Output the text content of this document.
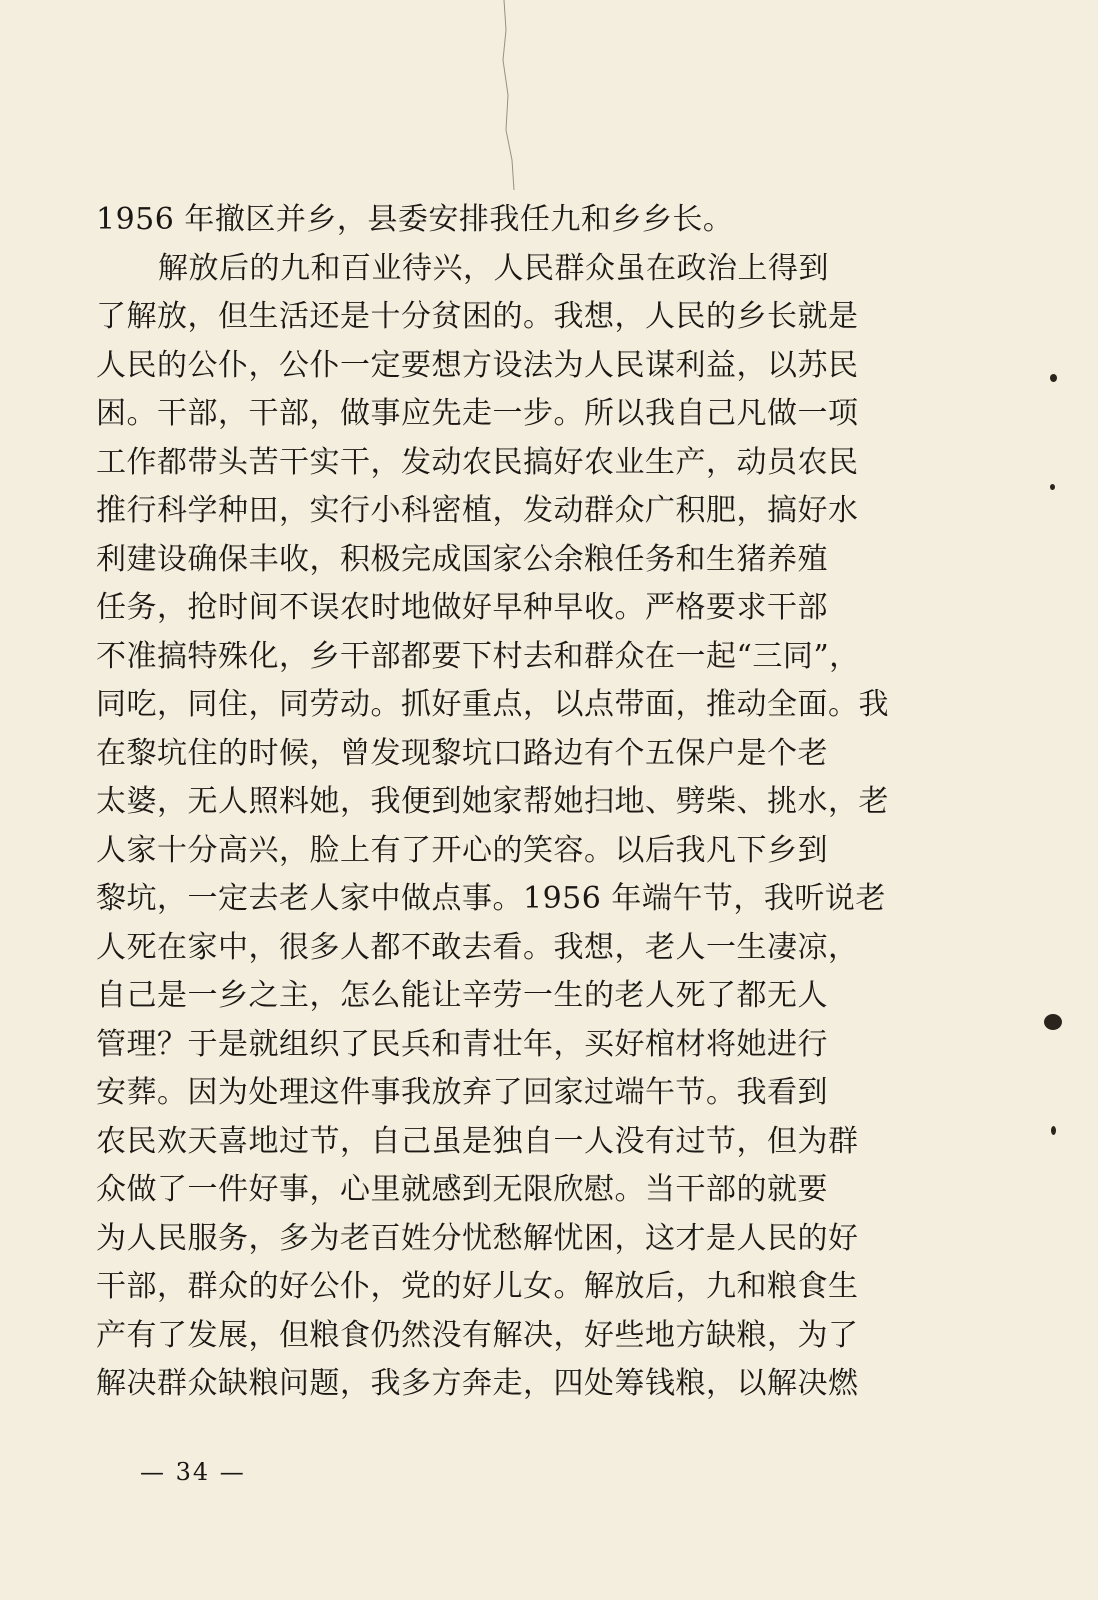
1956 年撤区并乡，县委安排我任九和乡乡长。
解放后的九和百业待兴，人民群众虽在政治上得到
了解放，但生活还是十分贫困的。我想，人民的乡长就是
人民的公仆，公仆一定要想方设法为人民谋利益，以苏民
困。干部，干部，做事应先走一步。所以我自己凡做一项
工作都带头苦干实干，发动农民搞好农业生产，动员农民
推行科学种田，实行小科密植，发动群众广积肥，搞好水
利建设确保丰收，积极完成国家公余粮任务和生猪养殖
任务，抢时间不误农时地做好早种早收。严格要求干部
不准搞特殊化，乡干部都要下村去和群众在一起“三同”，
同吃，同住，同劳动。抓好重点，以点带面，推动全面。我
在黎坑住的时候，曾发现黎坑口路边有个五保户是个老
太婆，无人照料她，我便到她家帮她扫地、劈柴、挑水，老
人家十分高兴，脸上有了开心的笑容。以后我凡下乡到
黎坑，一定去老人家中做点事。1956 年端午节，我听说老
人死在家中，很多人都不敢去看。我想，老人一生凄凉，
自己是一乡之主，怎么能让辛劳一生的老人死了都无人
管理？于是就组织了民兵和青壮年，买好棺材将她进行
安葬。因为处理这件事我放弃了回家过端午节。我看到
农民欢天喜地过节，自己虽是独自一人没有过节，但为群
众做了一件好事，心里就感到无限欣慰。当干部的就要
为人民服务，多为老百姓分忧愁解忧困，这才是人民的好
干部，群众的好公仆，党的好儿女。解放后，九和粮食生
产有了发展，但粮食仍然没有解决，好些地方缺粮，为了
解决群众缺粮问题，我多方奔走，四处筹钱粮，以解决燃
— 34 —
